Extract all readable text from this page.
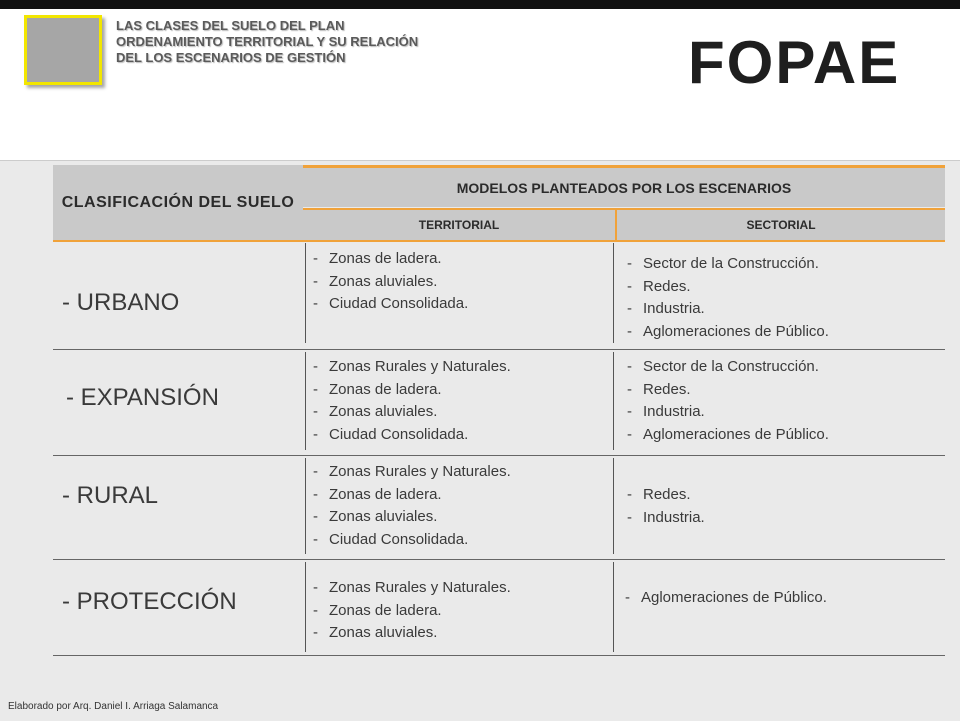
LAS CLASES DEL SUELO DEL PLAN ORDENAMIENTO TERRITORIAL Y SU RELACIÓN DEL LOS ESCENARIOS DE GESTIÓN	FOPAE
CLASIFICACIÓN DEL SUELO
MODELOS PLANTEADOS POR LOS ESCENARIOS
TERRITORIAL	SECTORIAL
- URBANO
- Zonas de ladera.
- Zonas aluviales.
- Ciudad Consolidada.
- Sector de la Construcción.
- Redes.
- Industria.
- Aglomeraciones de Público.
- EXPANSIÓN
- Zonas Rurales y Naturales.
- Zonas de ladera.
- Zonas aluviales.
- Ciudad Consolidada.
- Sector de la Construcción.
- Redes.
- Industria.
- Aglomeraciones de Público.
- RURAL
- Zonas Rurales y Naturales.
- Zonas de ladera.
- Zonas aluviales.
- Ciudad Consolidada.
- Redes.
- Industria.
- PROTECCIÓN
- Zonas Rurales y Naturales.
- Zonas de ladera.
- Zonas aluviales.
- Aglomeraciones de Público.
Elaborado por Arq. Daniel I. Arriaga Salamanca
